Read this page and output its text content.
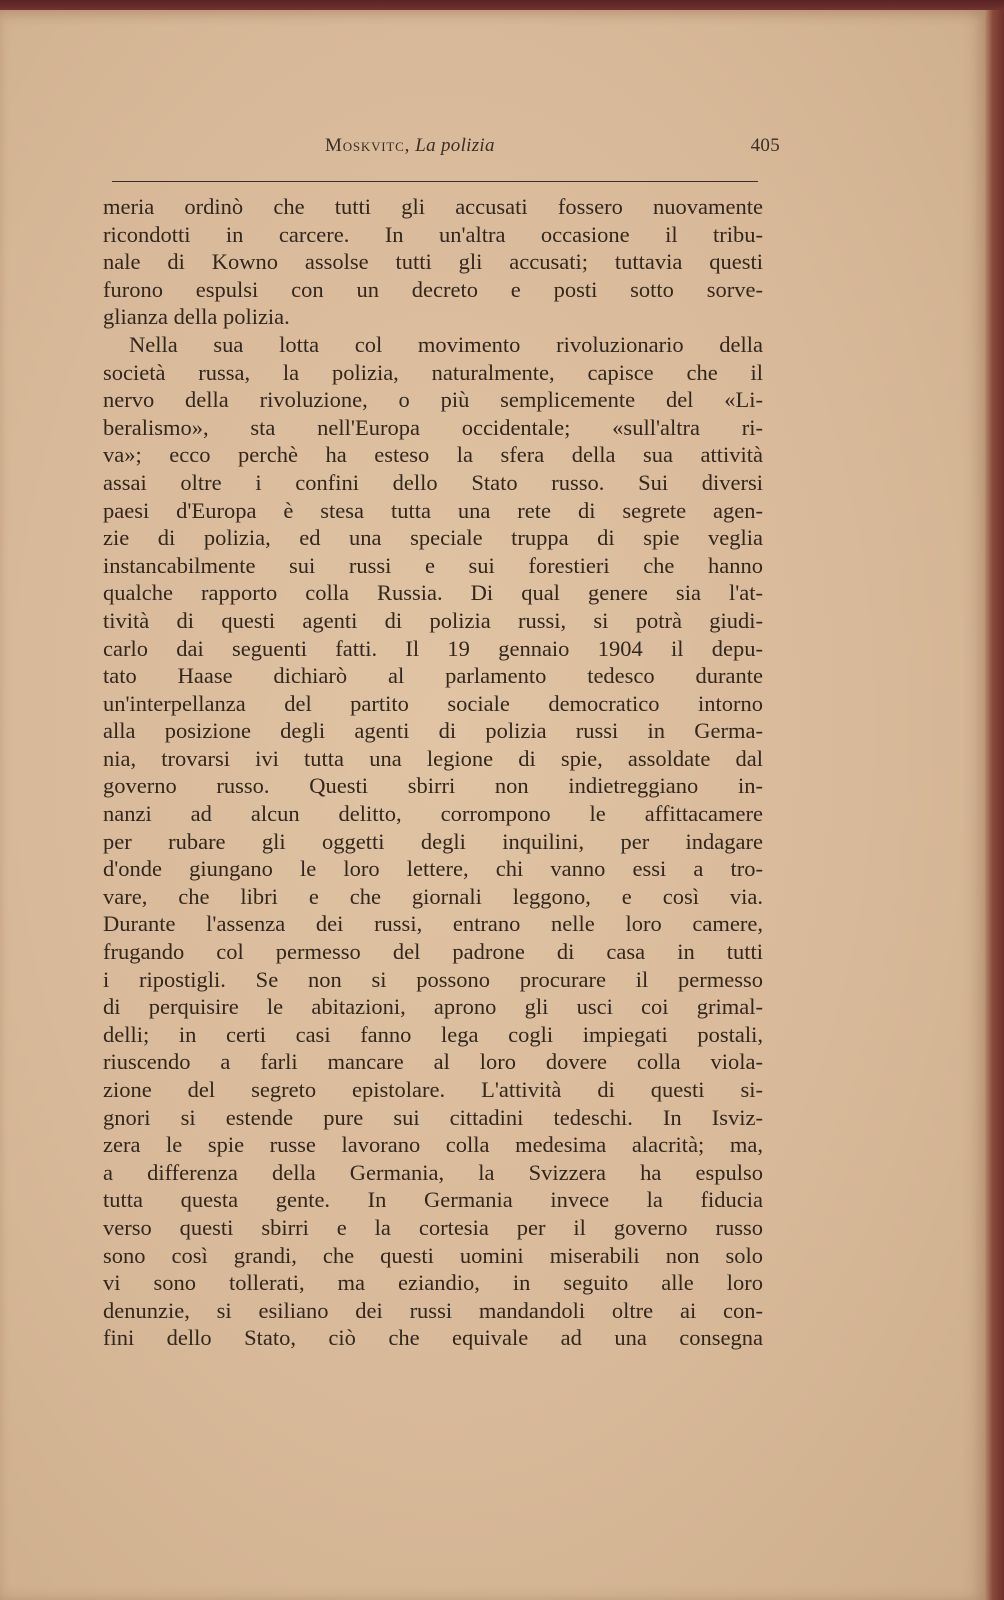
Moskvitc, La polizia	405
meria ordinò che tutti gli accusati fossero nuovamente
ricondotti in carcere. In un'altra occasione il tribu-
nale di Kowno assolse tutti gli accusati; tuttavia questi
furono espulsi con un decreto e posti sotto sorve-
glianza della polizia.
Nella sua lotta col movimento rivoluzionario della
società russa, la polizia, naturalmente, capisce che il
nervo della rivoluzione, o più semplicemente del «Li-
beralismo», sta nell'Europa occidentale; «sull'altra ri-
va»; ecco perchè ha esteso la sfera della sua attività
assai oltre i confini dello Stato russo. Sui diversi
paesi d'Europa è stesa tutta una rete di segrete agen-
zie di polizia, ed una speciale truppa di spie veglia
instancabilmente sui russi e sui forestieri che hanno
qualche rapporto colla Russia. Di qual genere sia l'at-
tività di questi agenti di polizia russi, si potrà giudi-
carlo dai seguenti fatti. Il 19 gennaio 1904 il depu-
tato Haase dichiarò al parlamento tedesco durante
un'interpellanza del partito sociale democratico intorno
alla posizione degli agenti di polizia russi in Germa-
nia, trovarsi ivi tutta una legione di spie, assoldate dal
governo russo. Questi sbirri non indietreggiano in-
nanzi ad alcun delitto, corrompono le affittacamere
per rubare gli oggetti degli inquilini, per indagare
d'onde giungano le loro lettere, chi vanno essi a tro-
vare, che libri e che giornali leggono, e così via.
Durante l'assenza dei russi, entrano nelle loro camere,
frugando col permesso del padrone di casa in tutti
i ripostigli. Se non si possono procurare il permesso
di perquisire le abitazioni, aprono gli usci coi grimal-
delli; in certi casi fanno lega cogli impiegati postali,
riuscendo a farli mancare al loro dovere colla viola-
zione del segreto epistolare. L'attività di questi si-
gnori si estende pure sui cittadini tedeschi. In Isviz-
zera le spie russe lavorano colla medesima alacrità; ma,
a differenza della Germania, la Svizzera ha espulso
tutta questa gente. In Germania invece la fiducia
verso questi sbirri e la cortesia per il governo russo
sono così grandi, che questi uomini miserabili non solo
vi sono tollerati, ma eziandio, in seguito alle loro
denunzie, si esiliano dei russi mandandoli oltre ai con-
fini dello Stato, ciò che equivale ad una consegna
